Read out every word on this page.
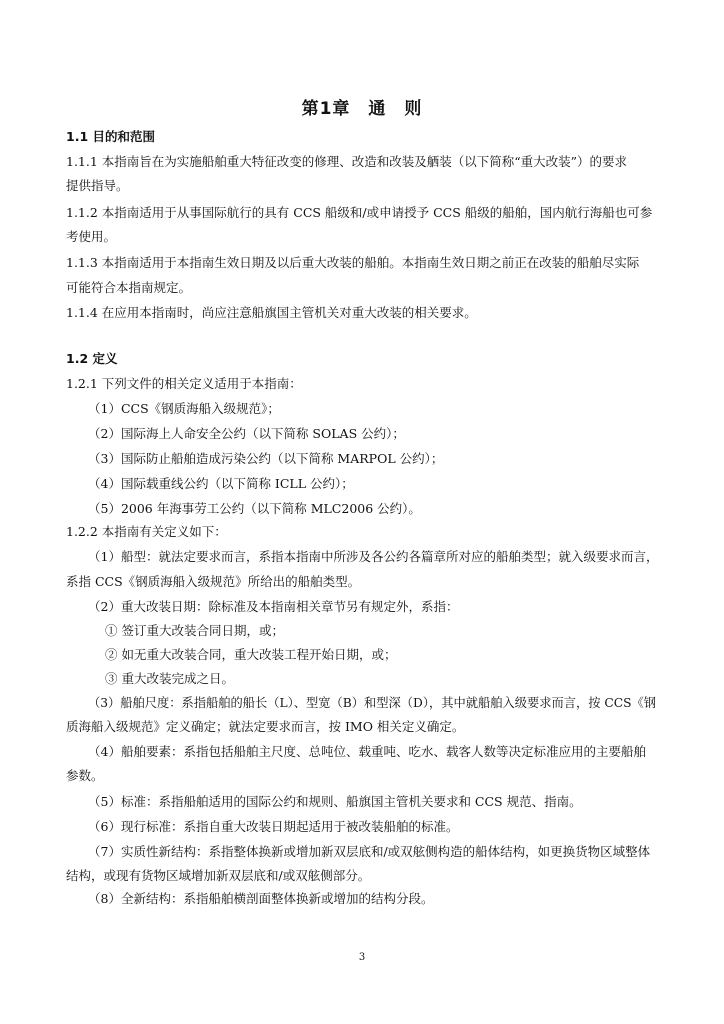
第1章　通　则
1.1 目的和范围
1.1.1 本指南旨在为实施船舶重大特征改变的修理、改造和改装及舾装（以下简称“重大改装”）的要求
提供指导。
1.1.2 本指南适用于从事国际航行的具有 CCS 船级和/或申请授予 CCS 船级的船舶，国内航行海船也可参
考使用。
1.1.3 本指南适用于本指南生效日期及以后重大改装的船舶。本指南生效日期之前正在改装的船舶尽实际
可能符合本指南规定。
1.1.4 在应用本指南时，尚应注意船旗国主管机关对重大改装的相关要求。
1.2 定义
1.2.1 下列文件的相关定义适用于本指南：
（1）CCS《钢质海船入级规范》；
（2）国际海上人命安全公约（以下简称 SOLAS 公约）；
（3）国际防止船舶造成污染公约（以下简称 MARPOL 公约）；
（4）国际载重线公约（以下简称 ICLL 公约）；
（5）2006 年海事劳工公约（以下简称 MLC2006 公约）。
1.2.2 本指南有关定义如下：
（1）船型：就法定要求而言，系指本指南中所涉及各公约各篇章所对应的船舶类型；就入级要求而言，
系指 CCS《钢质海船入级规范》所给出的船舶类型。
（2）重大改装日期：除标准及本指南相关章节另有规定外，系指：
① 签订重大改装合同日期，或；
② 如无重大改装合同，重大改装工程开始日期，或；
③ 重大改装完成之日。
（3）船舶尺度：系指船舶的船长（L）、型宽（B）和型深（D），其中就船舶入级要求而言，按 CCS《钢
质海船入级规范》定义确定；就法定要求而言，按 IMO 相关定义确定。
（4）船舶要素：系指包括船舶主尺度、总吨位、载重吨、吃水、载客人数等决定标准应用的主要船舶
参数。
（5）标准：系指船舶适用的国际公约和规则、船旗国主管机关要求和 CCS 规范、指南。
（6）现行标准：系指自重大改装日期起适用于被改装船舶的标准。
（7）实质性新结构：系指整体换新或增加新双层底和/或双舷侧构造的船体结构，如更换货物区域整体
结构，或现有货物区域增加新双层底和/或双舷侧部分。
（8）全新结构：系指船舶横剖面整体换新或增加的结构分段。
3
